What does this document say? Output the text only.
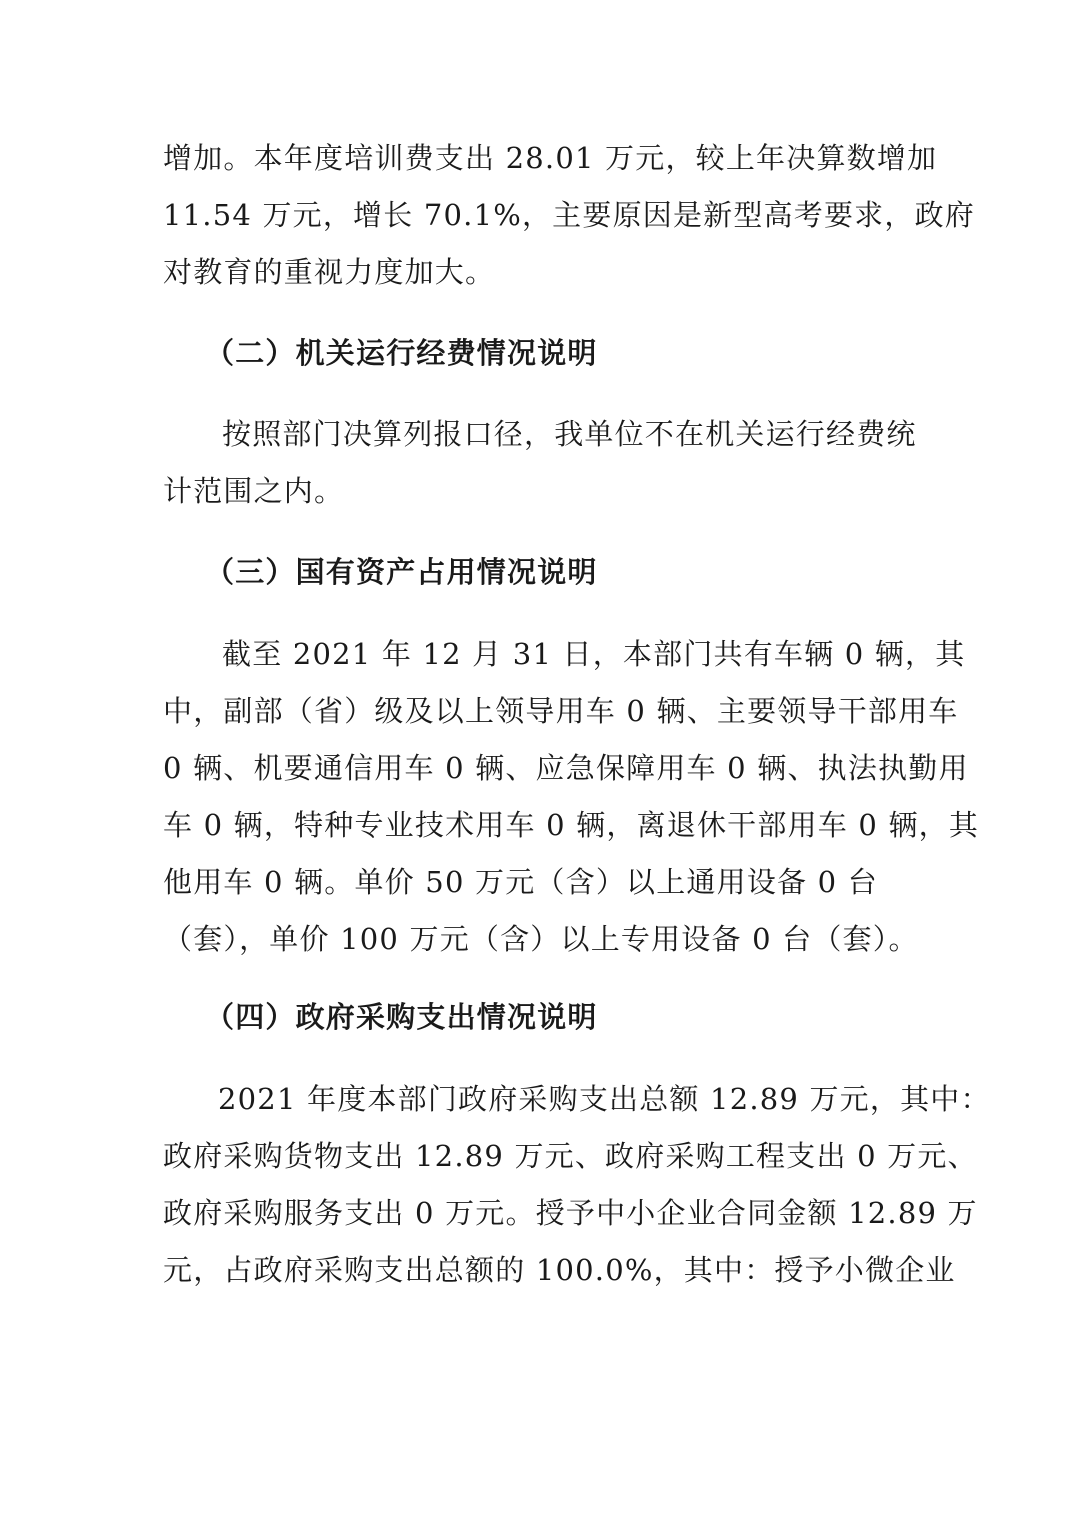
增加。本年度培训费支出 28.01 万元，较上年决算数增加
11.54 万元，增长 70.1%，主要原因是新型高考要求，政府
对教育的重视力度加大。
（二）机关运行经费情况说明
按照部门决算列报口径，我单位不在机关运行经费统
计范围之内。
（三）国有资产占用情况说明
截至 2021 年 12 月 31 日，本部门共有车辆 0 辆，其
中，副部（省）级及以上领导用车 0 辆、主要领导干部用车
0 辆、机要通信用车 0 辆、应急保障用车 0 辆、执法执勤用
车 0 辆，特种专业技术用车 0 辆，离退休干部用车 0 辆，其
他用车 0 辆。单价 50 万元（含）以上通用设备 0 台
（套），单价 100 万元（含）以上专用设备 0 台（套）。
（四）政府采购支出情况说明
2021 年度本部门政府采购支出总额 12.89 万元，其中：
政府采购货物支出 12.89 万元、政府采购工程支出 0 万元、
政府采购服务支出 0 万元。授予中小企业合同金额 12.89 万
元，占政府采购支出总额的 100.0%，其中：授予小微企业
